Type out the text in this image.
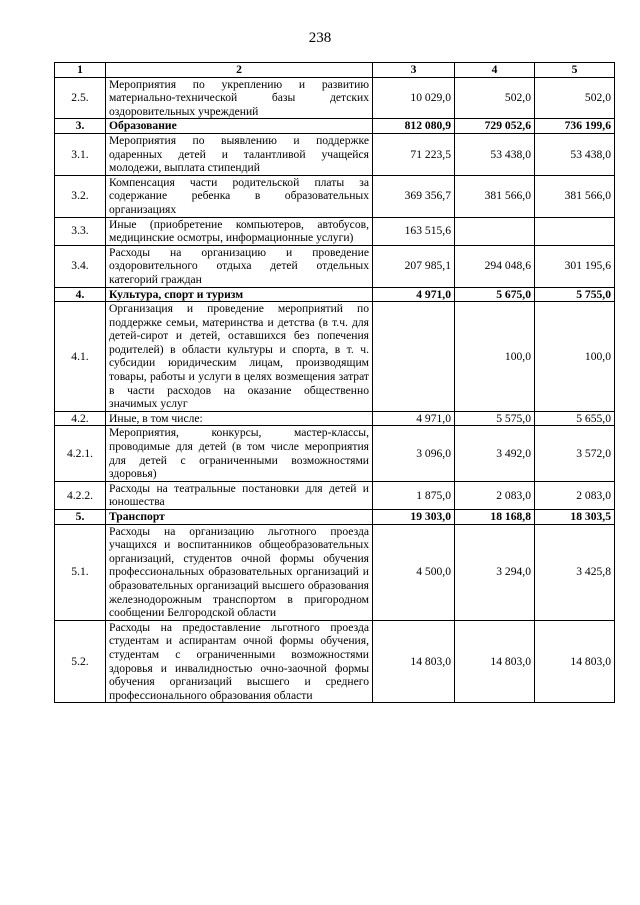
238
1	2	3	4	5
2.5.	Мероприятия по укреплению и развитию материально-технической базы детских оздоровительных учреждений	10 029,0	502,0	502,0
3.	Образование	812 080,9	729 052,6	736 199,6
3.1.	Мероприятия по выявлению и поддержке одаренных детей и талантливой учащейся молодежи, выплата стипендий	71 223,5	53 438,0	53 438,0
3.2.	Компенсация части родительской платы за содержание ребенка в образовательных организациях	369 356,7	381 566,0	381 566,0
3.3.	Иные (приобретение компьютеров, автобусов, медицинские осмотры, информационные услуги)	163 515,6		
3.4.	Расходы на организацию и проведение оздоровительного отдыха детей отдельных категорий граждан	207 985,1	294 048,6	301 195,6
4.	Культура, спорт и туризм	4 971,0	5 675,0	5 755,0
4.1.	Организация и проведение мероприятий по поддержке семьи, материнства и детства (в т.ч. для детей-сирот и детей, оставшихся без попечения родителей) в области культуры и спорта, в т. ч. субсидии юридическим лицам, производящим товары, работы и услуги в целях возмещения затрат в части расходов на оказание общественно значимых услуг		100,0	100,0
4.2.	Иные, в том числе:	4 971,0	5 575,0	5 655,0
4.2.1.	Мероприятия, конкурсы, мастер-классы, проводимые для детей (в том числе мероприятия для детей с ограниченными возможностями здоровья)	3 096,0	3 492,0	3 572,0
4.2.2.	Расходы на театральные постановки для детей и юношества	1 875,0	2 083,0	2 083,0
5.	Транспорт	19 303,0	18 168,8	18 303,5
5.1.	Расходы на организацию льготного проезда учащихся и воспитанников общеобразовательных организаций, студентов очной формы обучения профессиональных образовательных организаций и образовательных организаций высшего образования железнодорожным транспортом в пригородном сообщении Белгородской области	4 500,0	3 294,0	3 425,8
5.2.	Расходы на предоставление льготного проезда студентам и аспирантам очной формы обучения, студентам с ограниченными возможностями здоровья и инвалидностью очно-заочной формы обучения организаций высшего и среднего профессионального образования области	14 803,0	14 803,0	14 803,0
